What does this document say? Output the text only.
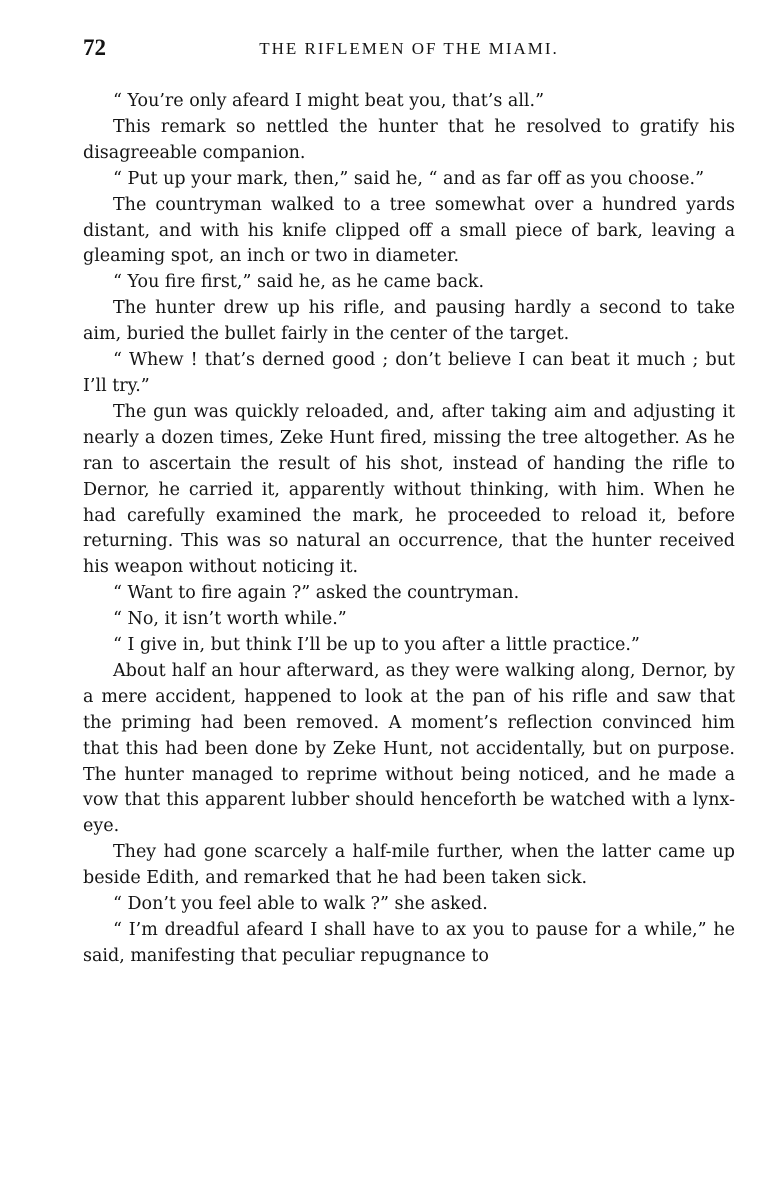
72	THE RIFLEMEN OF THE MIAMI.

“ You’re only afeard I might beat you, that’s all.”

This remark so nettled the hunter that he resolved to gratify his disagreeable companion.

“ Put up your mark, then,” said he, “ and as far off as you choose.”

The countryman walked to a tree somewhat over a hundred yards distant, and with his knife clipped off a small piece of bark, leaving a gleaming spot, an inch or two in diameter.

“ You fire first,” said he, as he came back.

The hunter drew up his rifle, and pausing hardly a second to take aim, buried the bullet fairly in the center of the target.

“ Whew ! that’s derned good ; don’t believe I can beat it much ; but I’ll try.”

The gun was quickly reloaded, and, after taking aim and adjusting it nearly a dozen times, Zeke Hunt fired, missing the tree altogether. As he ran to ascertain the result of his shot, instead of handing the rifle to Dernor, he carried it, apparently without thinking, with him. When he had carefully examined the mark, he proceeded to reload it, before returning. This was so natural an occurrence, that the hunter received his weapon without noticing it.

“ Want to fire again ?” asked the countryman.

“ No, it isn’t worth while.”

“ I give in, but think I’ll be up to you after a little practice.”

About half an hour afterward, as they were walking along, Dernor, by a mere accident, happened to look at the pan of his rifle and saw that the priming had been removed. A moment’s reflection convinced him that this had been done by Zeke Hunt, not accidentally, but on purpose. The hunter managed to reprime without being noticed, and he made a vow that this apparent lubber should henceforth be watched with a lynx-eye.

They had gone scarcely a half-mile further, when the latter came up beside Edith, and remarked that he had been taken sick.

“ Don’t you feel able to walk ?” she asked.

“ I’m dreadful afeard I shall have to ax you to pause for a while,” he said, manifesting that peculiar repugnance to
